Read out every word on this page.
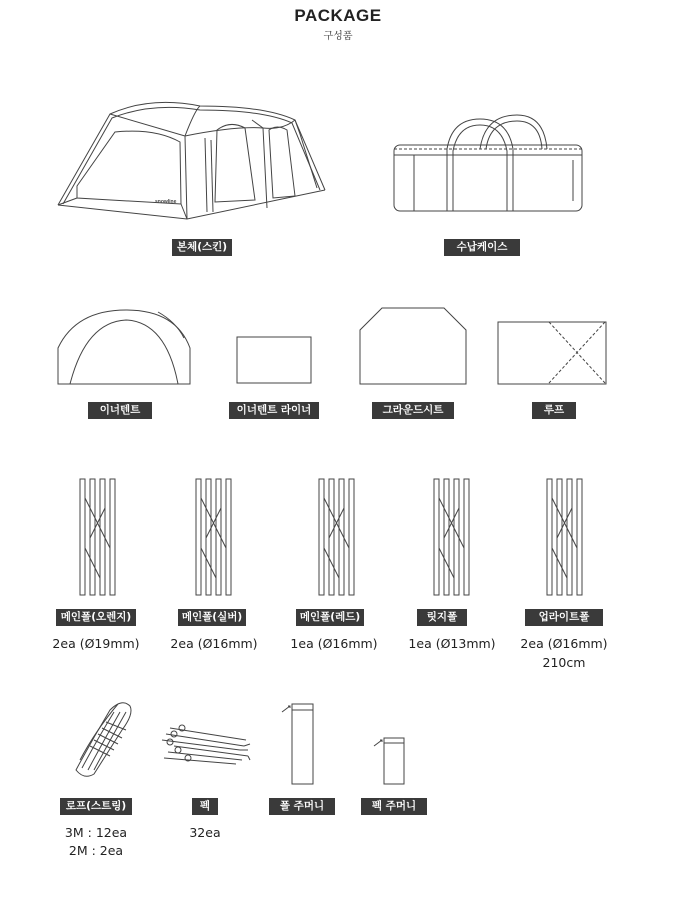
PACKAGE
구성품
snowline
본체(스킨)	수납케이스
이너텐트	이너텐트 라이너	그라운드시트	루프
메인폴(오렌지)
2ea (Ø19mm)
메인폴(실버)
2ea (Ø16mm)
메인폴(레드)
1ea (Ø16mm)
릿지폴
1ea (Ø13mm)
업라이트폴
2ea (Ø16mm)
210cm
로프(스트링)
3M : 12ea
2M : 2ea
펙
32ea
폴 주머니	펙 주머니
